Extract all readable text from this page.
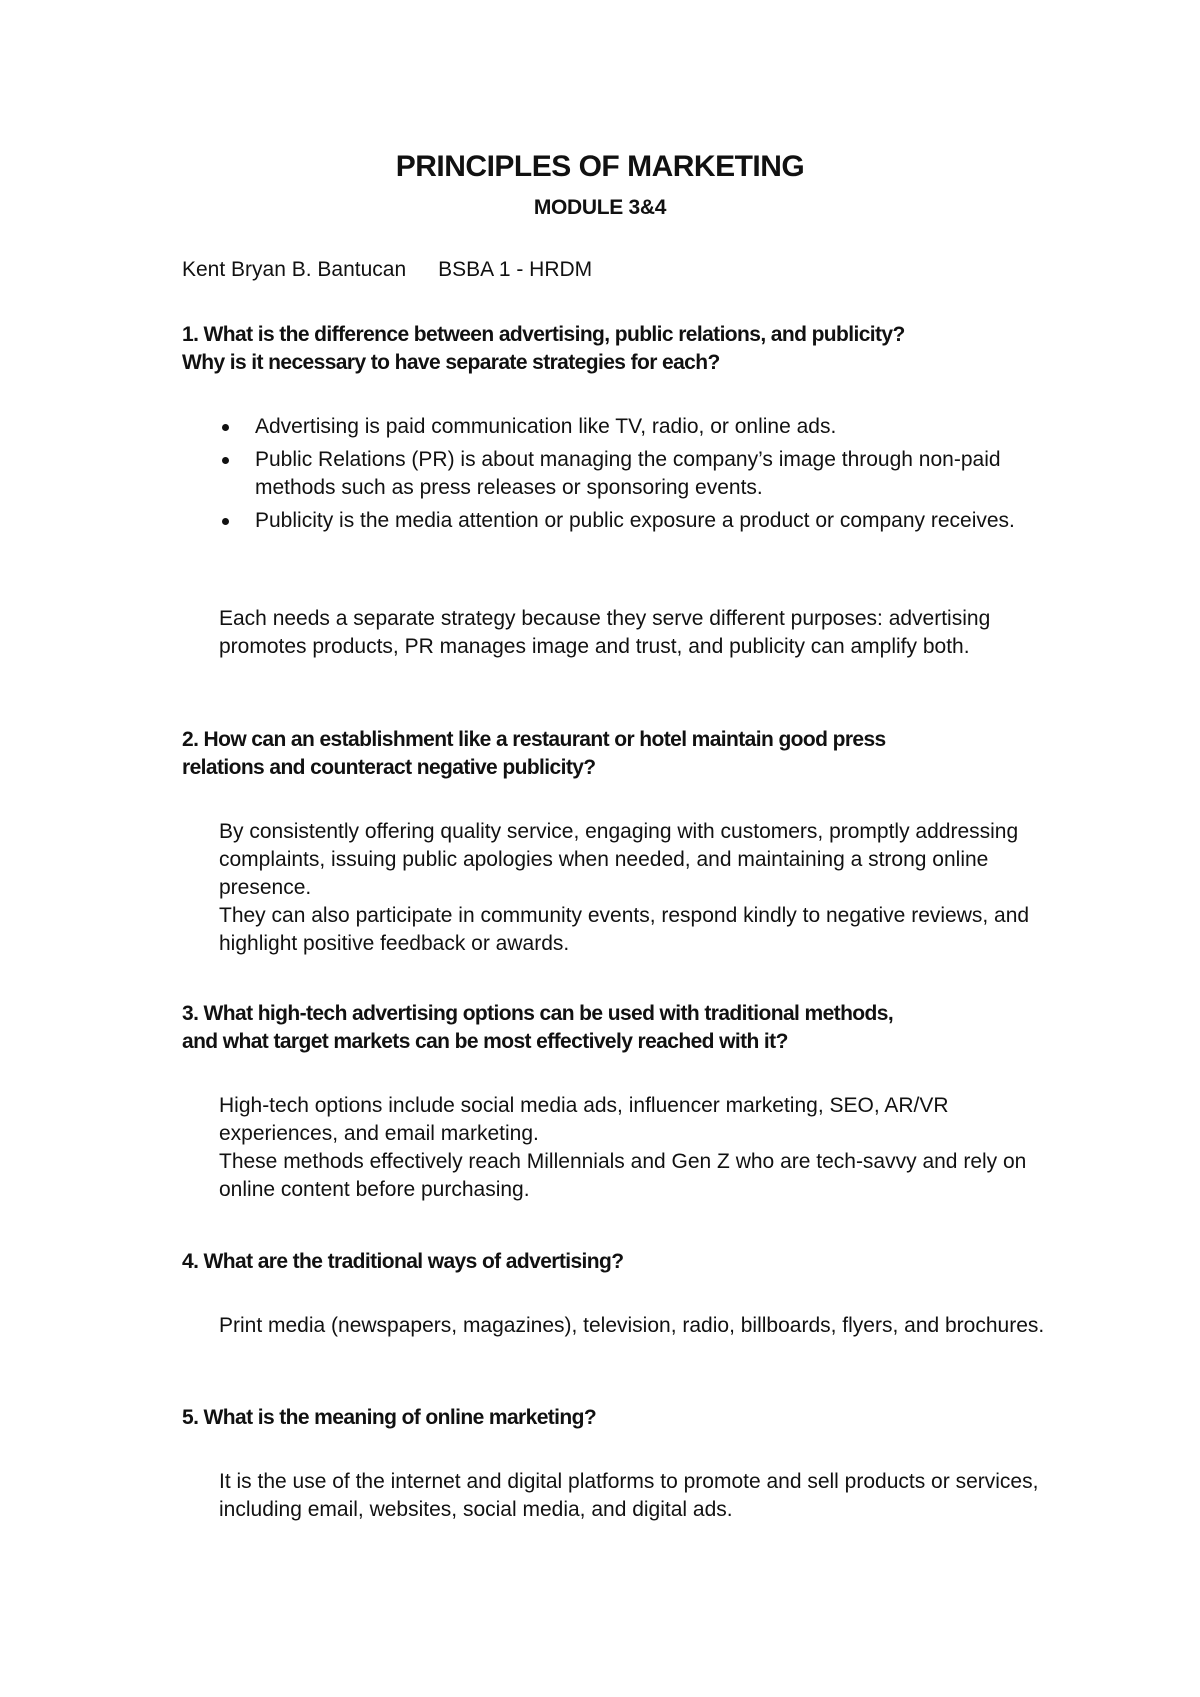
PRINCIPLES OF MARKETING
MODULE 3&4
Kent Bryan B. Bantucan BSBA 1 - HRDM
1. What is the difference between advertising, public relations, and publicity?
Why is it necessary to have separate strategies for each?
Advertising is paid communication like TV, radio, or online ads.
Public Relations (PR) is about managing the company’s image through non-paid methods such as press releases or sponsoring events.
Publicity is the media attention or public exposure a product or company receives.
Each needs a separate strategy because they serve different purposes: advertising promotes products, PR manages image and trust, and publicity can amplify both.
2. How can an establishment like a restaurant or hotel maintain good press
relations and counteract negative publicity?
By consistently offering quality service, engaging with customers, promptly addressing complaints, issuing public apologies when needed, and maintaining a strong online presence.
They can also participate in community events, respond kindly to negative reviews, and highlight positive feedback or awards.
3. What high-tech advertising options can be used with traditional methods,
and what target markets can be most effectively reached with it?
High-tech options include social media ads, influencer marketing, SEO, AR/VR experiences, and email marketing.
These methods effectively reach Millennials and Gen Z who are tech-savvy and rely on online content before purchasing.
4. What are the traditional ways of advertising?
Print media (newspapers, magazines), television, radio, billboards, flyers, and brochures.
5. What is the meaning of online marketing?
It is the use of the internet and digital platforms to promote and sell products or services, including email, websites, social media, and digital ads.
